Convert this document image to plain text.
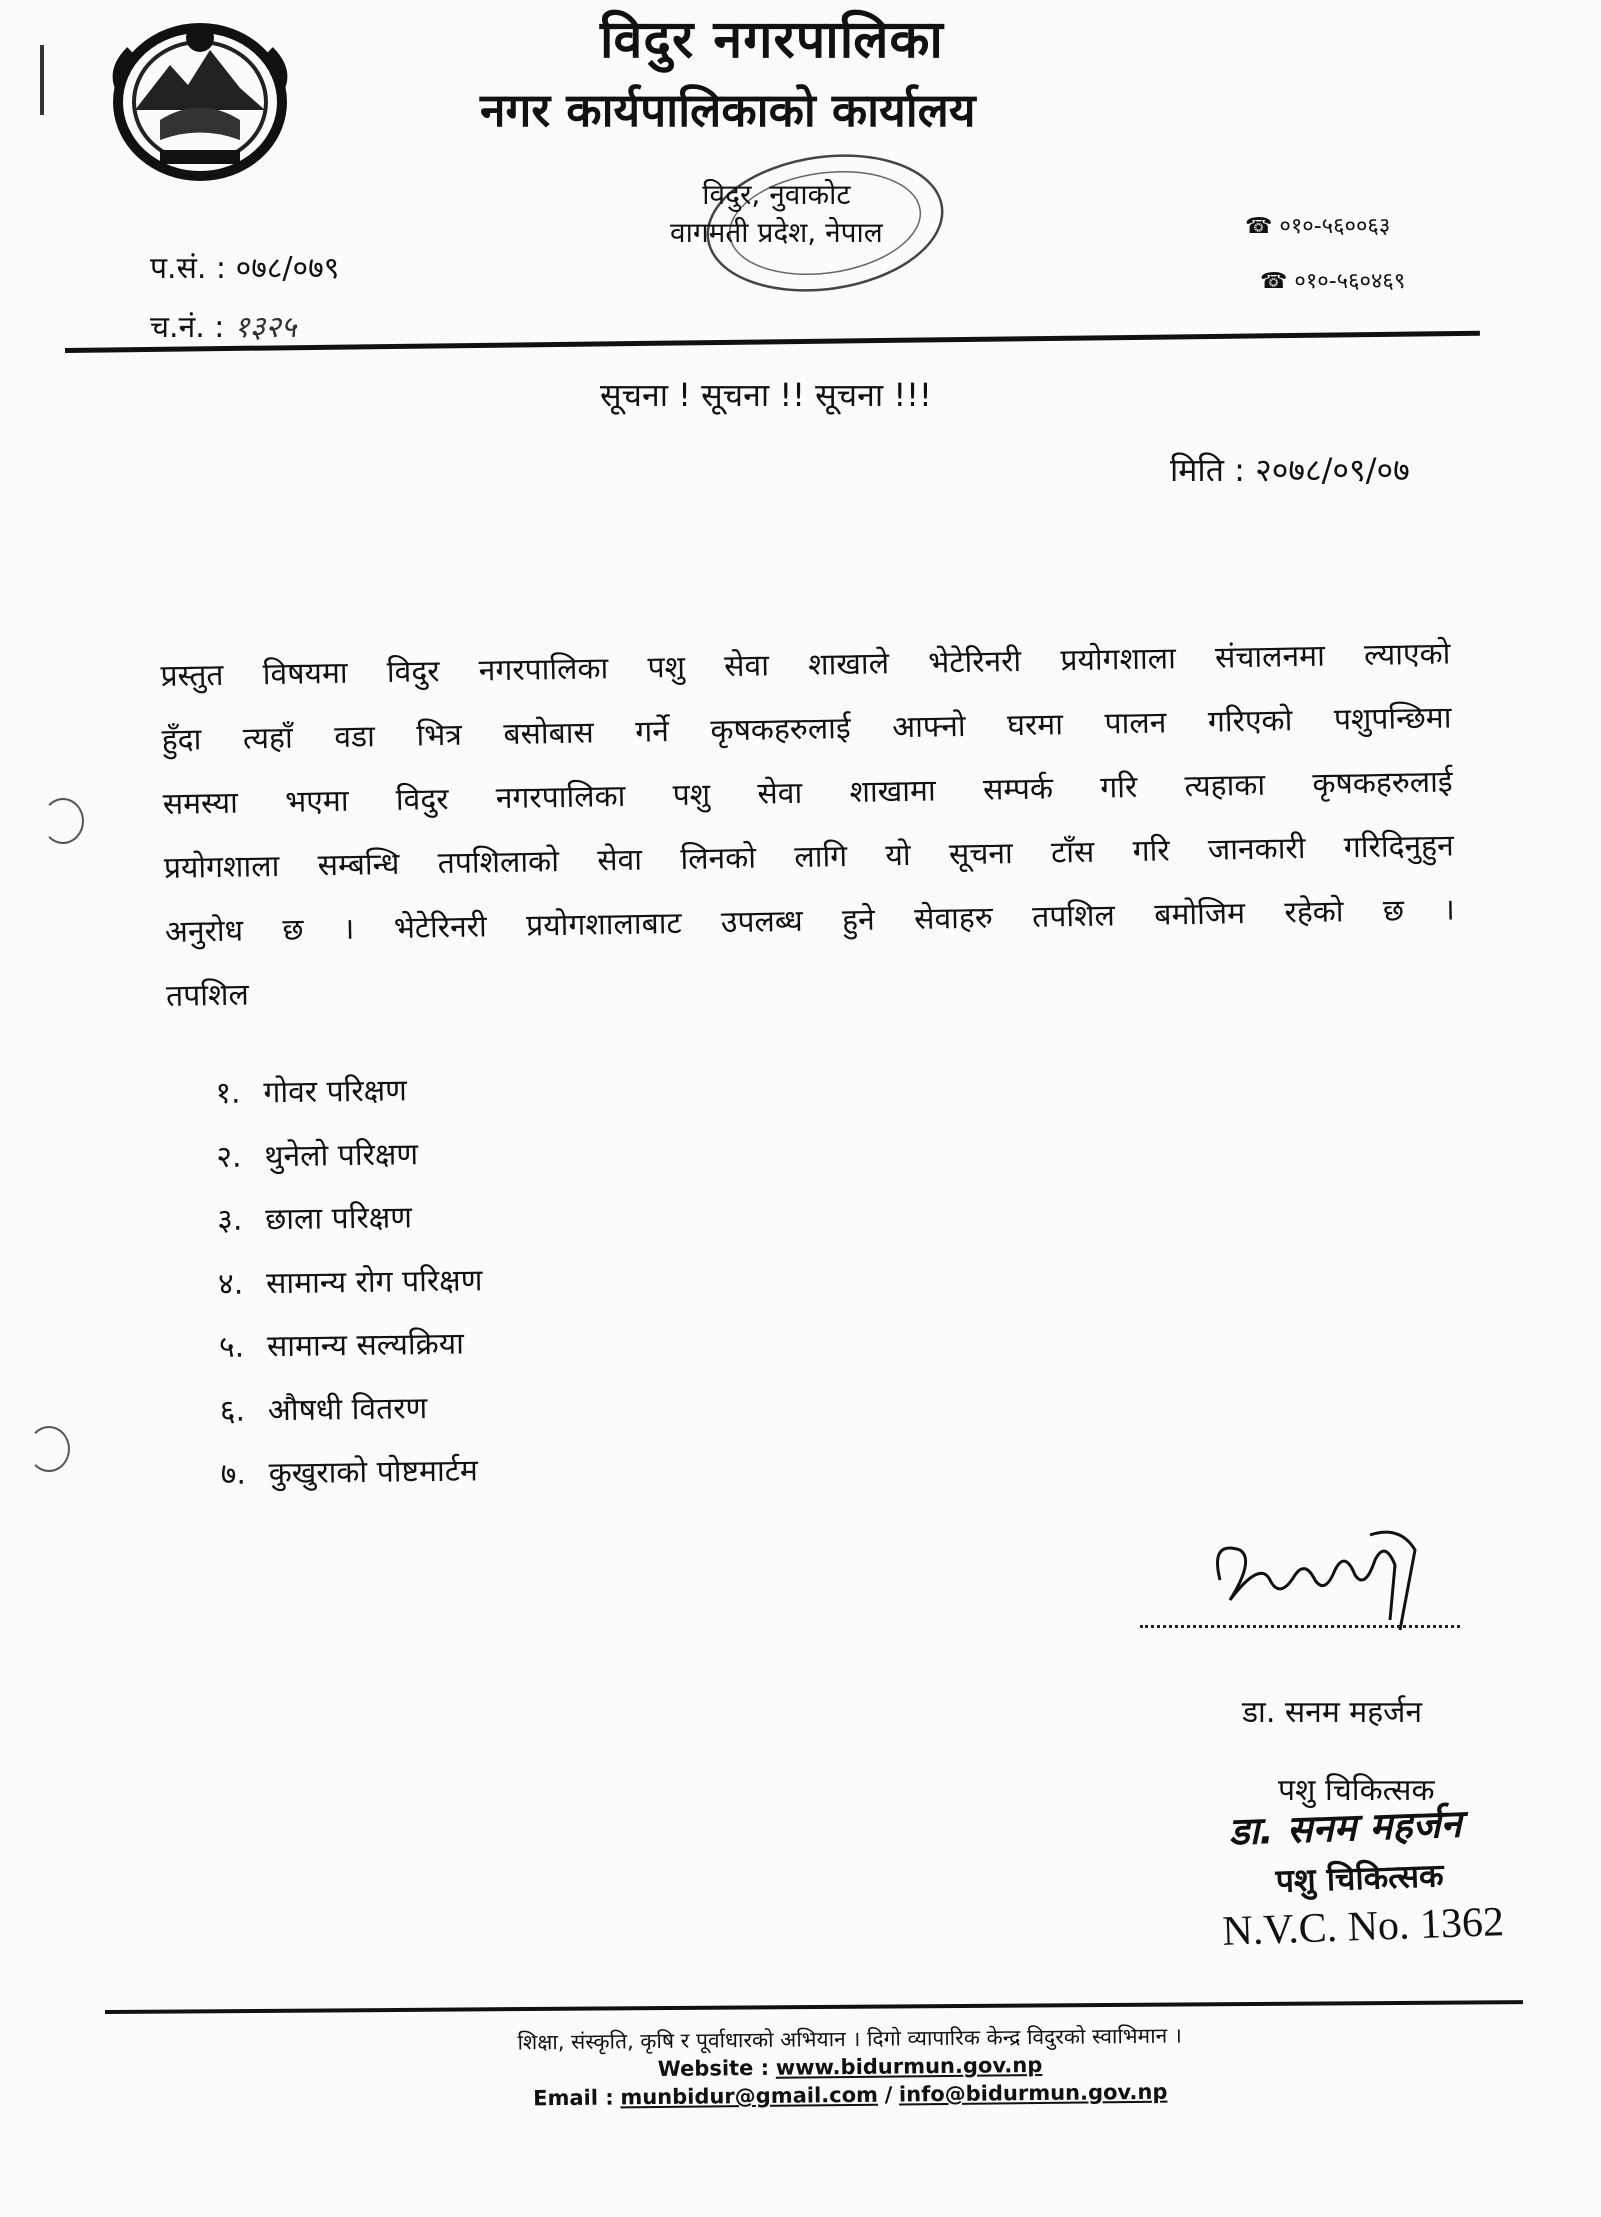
विदुर नगरपालिका
नगर कार्यपालिकाको कार्यालय
विदुर, नुवाकोट
वागमती प्रदेश, नेपाल
प.सं. : ०७८/०७९
च.नं. : १३२५
☎ ०१०-५६००६३
☎ ०१०-५६०४६९
सूचना ! सूचना !! सूचना !!!
मिति : २०७८/०९/०७
प्रस्तुत विषयमा विदुर नगरपालिका पशु सेवा शाखाले भेटेरिनरी प्रयोगशाला संचालनमा ल्याएको
हुँदा त्यहाँ वडा भित्र बसोबास गर्ने कृषकहरुलाई आफ्नो घरमा पालन गरिएको पशुपन्छिमा
समस्या भएमा विदुर नगरपालिका पशु सेवा शाखामा सम्पर्क गरि त्यहाका कृषकहरुलाई
प्रयोगशाला सम्बन्धि तपशिलाको सेवा लिनको लागि यो सूचना टाँस गरि जानकारी गरिदिनुहुन
अनुरोध छ । भेटेरिनरी प्रयोगशालाबाट उपलब्ध हुने सेवाहरु तपशिल बमोजिम रहेको छ ।
तपशिल
१. गोवर परिक्षण
२. थुनेलो परिक्षण
३. छाला परिक्षण
४. सामान्य रोग परिक्षण
५. सामान्य सल्यक्रिया
६. औषधी वितरण
७. कुखुराको पोष्टमार्टम
डा. सनम महर्जन
पशु चिकित्सक
डा. सनम महर्जन
पशु चिकित्सक
N.V.C. No. 1362
शिक्षा, संस्कृति, कृषि र पूर्वाधारको अभियान । दिगो व्यापारिक केन्द्र विदुरको स्वाभिमान ।
Website : www.bidurmun.gov.np
Email : munbidur@gmail.com / info@bidurmun.gov.np
